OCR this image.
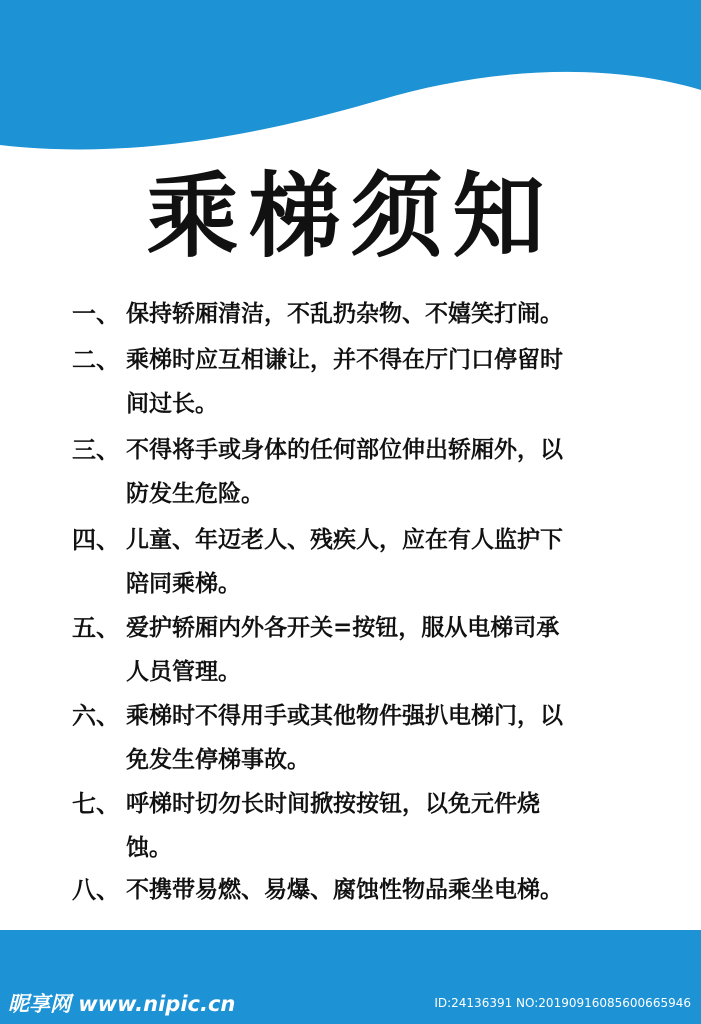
乘梯须知
一、 保持轿厢清洁，不乱扔杂物、不嬉笑打闹。
二、 乘梯时应互相谦让，并不得在厅门口停留时
间过长。
三、 不得将手或身体的任何部位伸出轿厢外，以
防发生危险。
四、 儿童、年迈老人、残疾人，应在有人监护下
陪同乘梯。
五、 爱护轿厢内外各开关=按钮，服从电梯司承
人员管理。
六、 乘梯时不得用手或其他物件强扒电梯门，以
免发生停梯事故。
七、 呼梯时切勿长时间掀按按钮，以免元件烧
蚀。
八、 不携带易燃、易爆、腐蚀性物品乘坐电梯。
昵享网 www.nipic.cn	ID:24136391 NO:20190916085600665946
